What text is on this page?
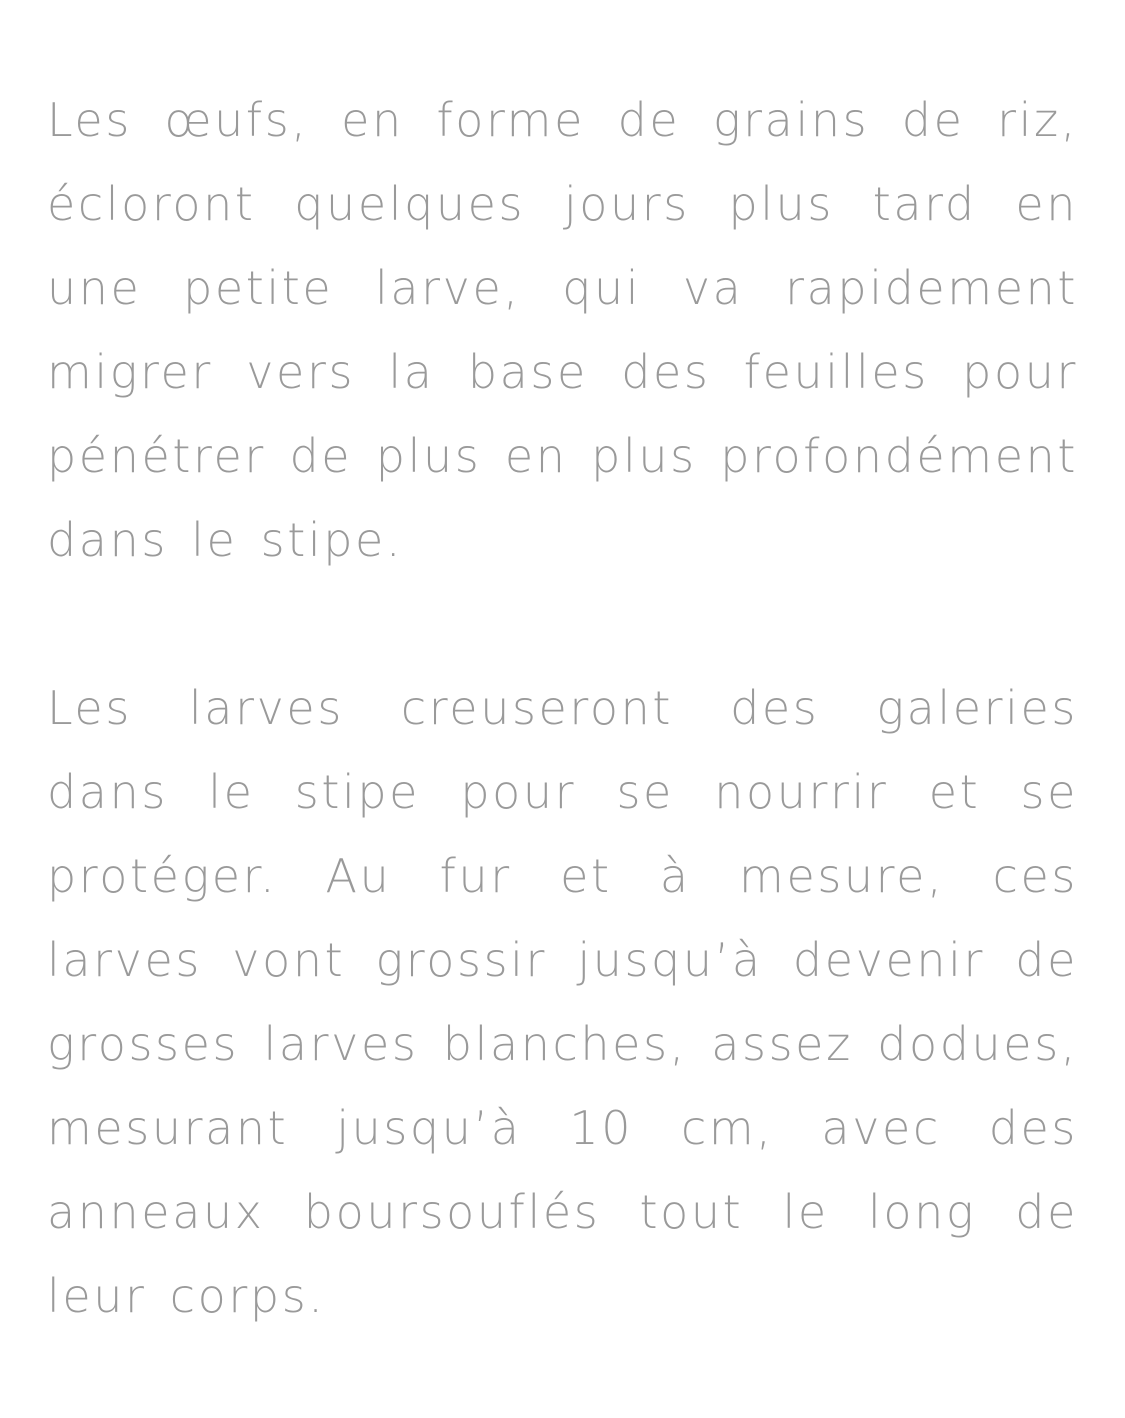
Les œufs, en forme de grains de riz, écloront quelques jours plus tard en une petite larve, qui va rapidement migrer vers la base des feuilles pour pénétrer de plus en plus profondément dans le stipe.

Les larves creuseront des galeries dans le stipe pour se nourrir et se protéger. Au fur et à mesure, ces larves vont grossir jusqu’à devenir de grosses larves blanches, assez dodues, mesurant jusqu’à 10 cm, avec des anneaux boursouflés tout le long de leur corps.
